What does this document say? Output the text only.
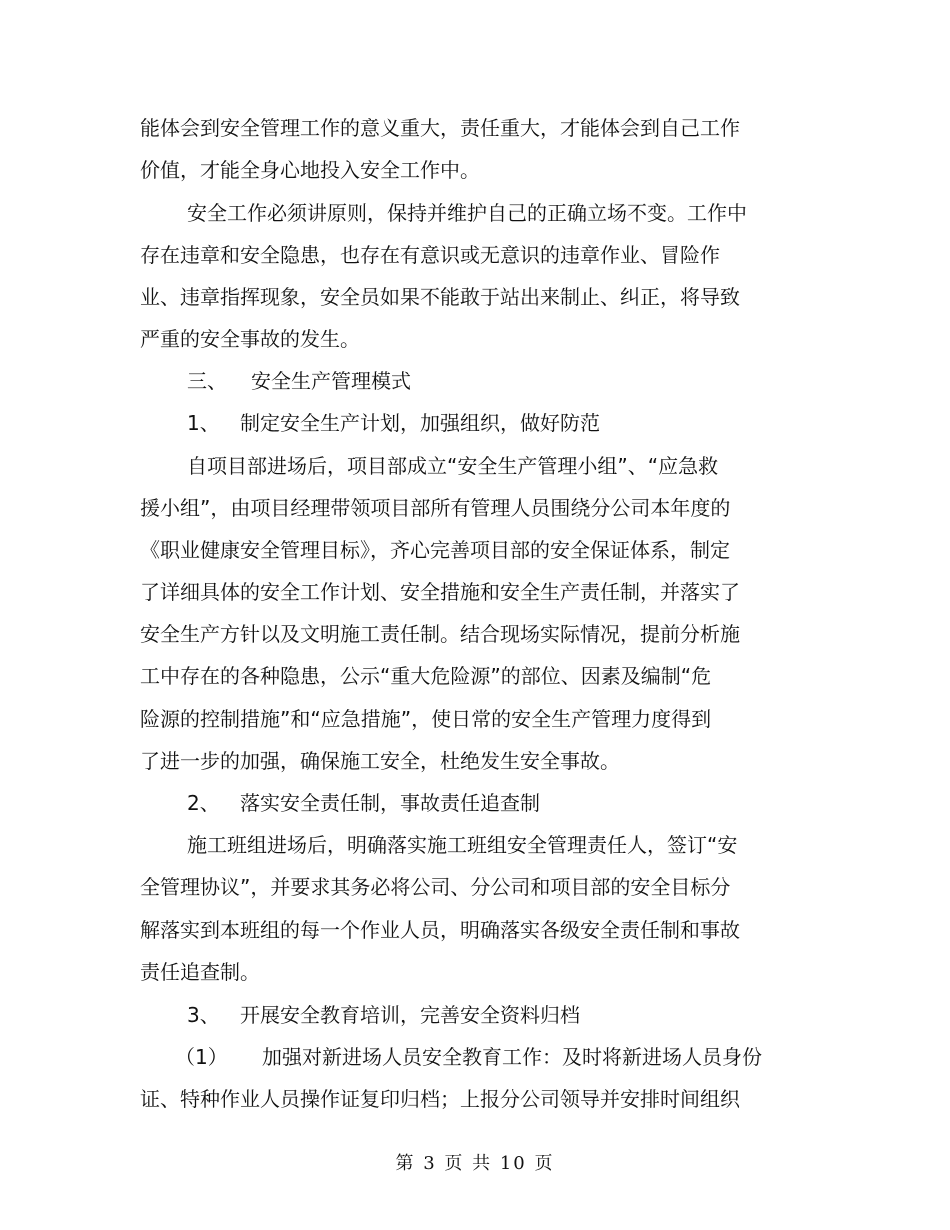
能体会到安全管理工作的意义重大，责任重大，才能体会到自己工作
价值，才能全身心地投入安全工作中。
安全工作必须讲原则，保持并维护自己的正确立场不变。工作中
存在违章和安全隐患，也存在有意识或无意识的违章作业、冒险作
业、违章指挥现象，安全员如果不能敢于站出来制止、纠正，将导致
严重的安全事故的发生。
三、 安全生产管理模式
1、 制定安全生产计划，加强组织，做好防范
自项目部进场后，项目部成立“安全生产管理小组”、“应急救
援小组”，由项目经理带领项目部所有管理人员围绕分公司本年度的
《职业健康安全管理目标》，齐心完善项目部的安全保证体系，制定
了详细具体的安全工作计划、安全措施和安全生产责任制，并落实了
安全生产方针以及文明施工责任制。结合现场实际情况，提前分析施
工中存在的各种隐患，公示“重大危险源”的部位、因素及编制“危
险源的控制措施”和“应急措施”，使日常的安全生产管理力度得到
了进一步的加强，确保施工安全，杜绝发生安全事故。
2、 落实安全责任制，事故责任追查制
施工班组进场后，明确落实施工班组安全管理责任人，签订“安
全管理协议”，并要求其务必将公司、分公司和项目部的安全目标分
解落实到本班组的每一个作业人员，明确落实各级安全责任制和事故
责任追查制。
3、 开展安全教育培训，完善安全资料归档
（1） 加强对新进场人员安全教育工作：及时将新进场人员身份
证、特种作业人员操作证复印归档；上报分公司领导并安排时间组织
第 3 页 共 10 页
